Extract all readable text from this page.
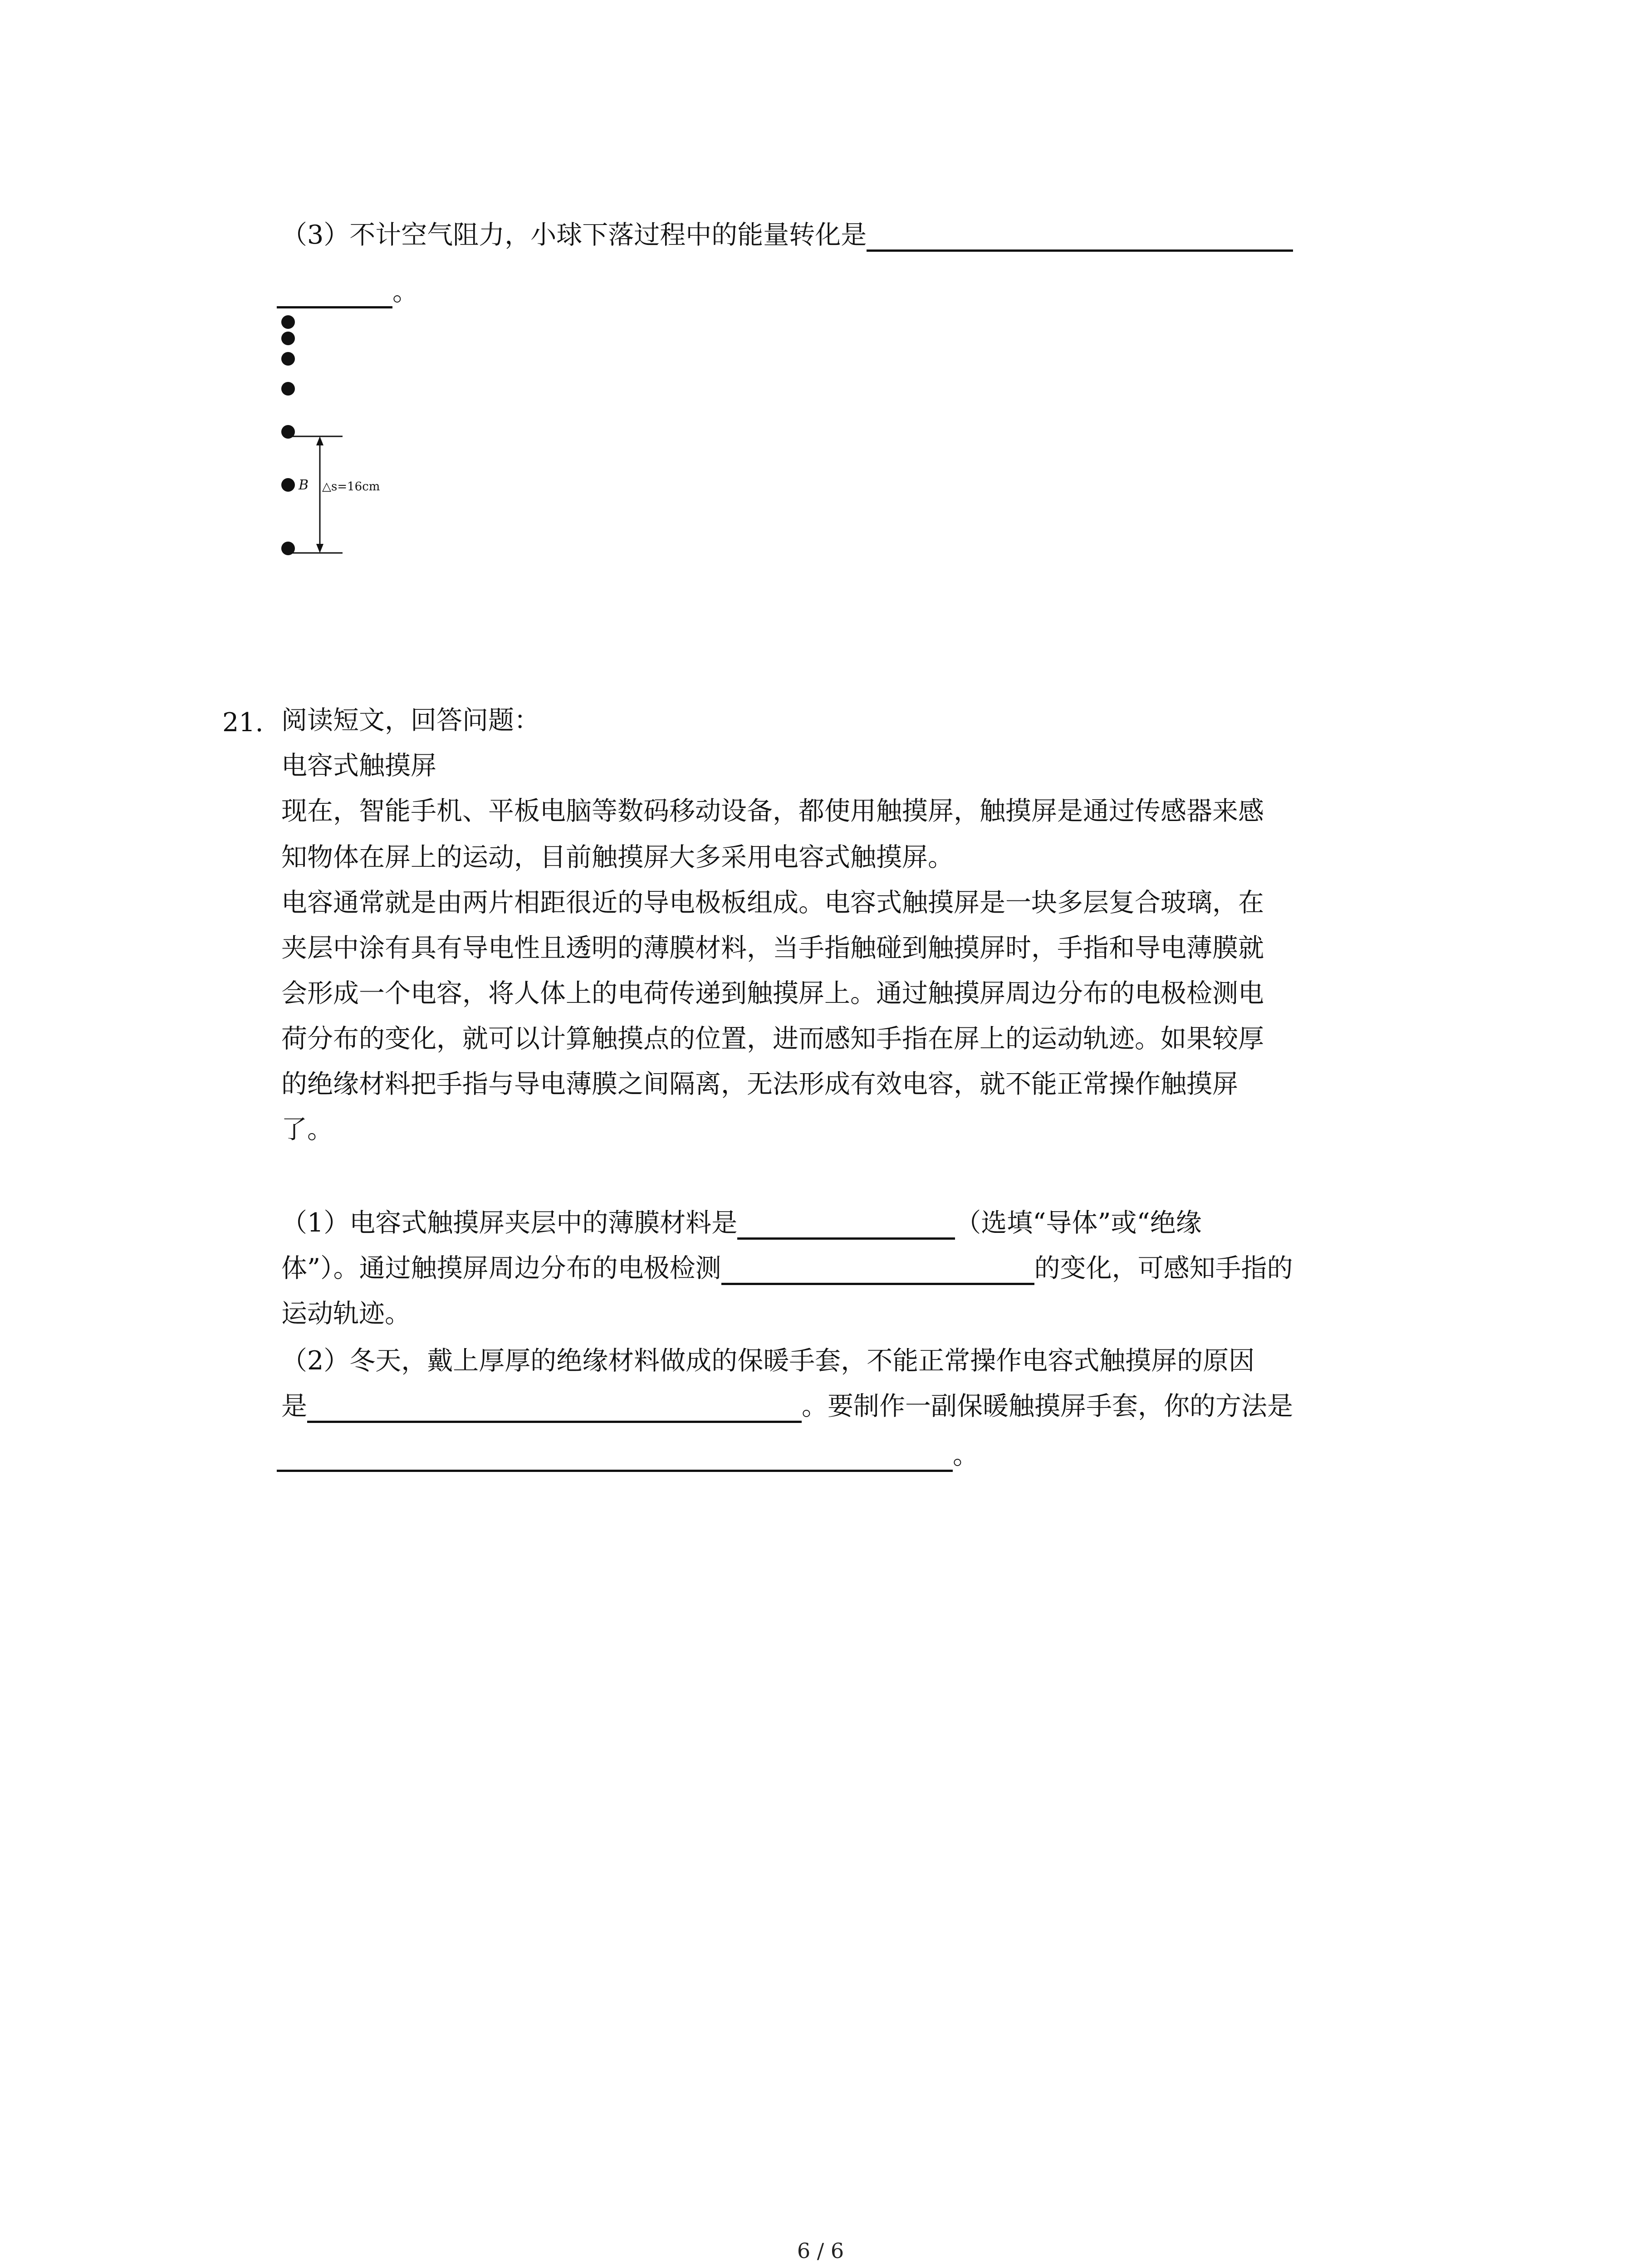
（3）不计空气阻力，小球下落过程中的能量转化是
。
B △s=16cm
21. 阅读短文，回答问题：
电容式触摸屏
现在，智能手机、平板电脑等数码移动设备，都使用触摸屏，触摸屏是通过传感器来感
知物体在屏上的运动，目前触摸屏大多采用电容式触摸屏。
电容通常就是由两片相距很近的导电极板组成。电容式触摸屏是一块多层复合玻璃，在
夹层中涂有具有导电性且透明的薄膜材料，当手指触碰到触摸屏时，手指和导电薄膜就
会形成一个电容，将人体上的电荷传递到触摸屏上。通过触摸屏周边分布的电极检测电
荷分布的变化，就可以计算触摸点的位置，进而感知手指在屏上的运动轨迹。如果较厚
的绝缘材料把手指与导电薄膜之间隔离，无法形成有效电容，就不能正常操作触摸屏
了。
（1）电容式触摸屏夹层中的薄膜材料是	（选填“导体”或“绝缘
体”）。通过触摸屏周边分布的电极检测	的变化，可感知手指的
运动轨迹。
（2）冬天，戴上厚厚的绝缘材料做成的保暖手套，不能正常操作电容式触摸屏的原因
是	。要制作一副保暖触摸屏手套，你的方法是
。
6 / 6
